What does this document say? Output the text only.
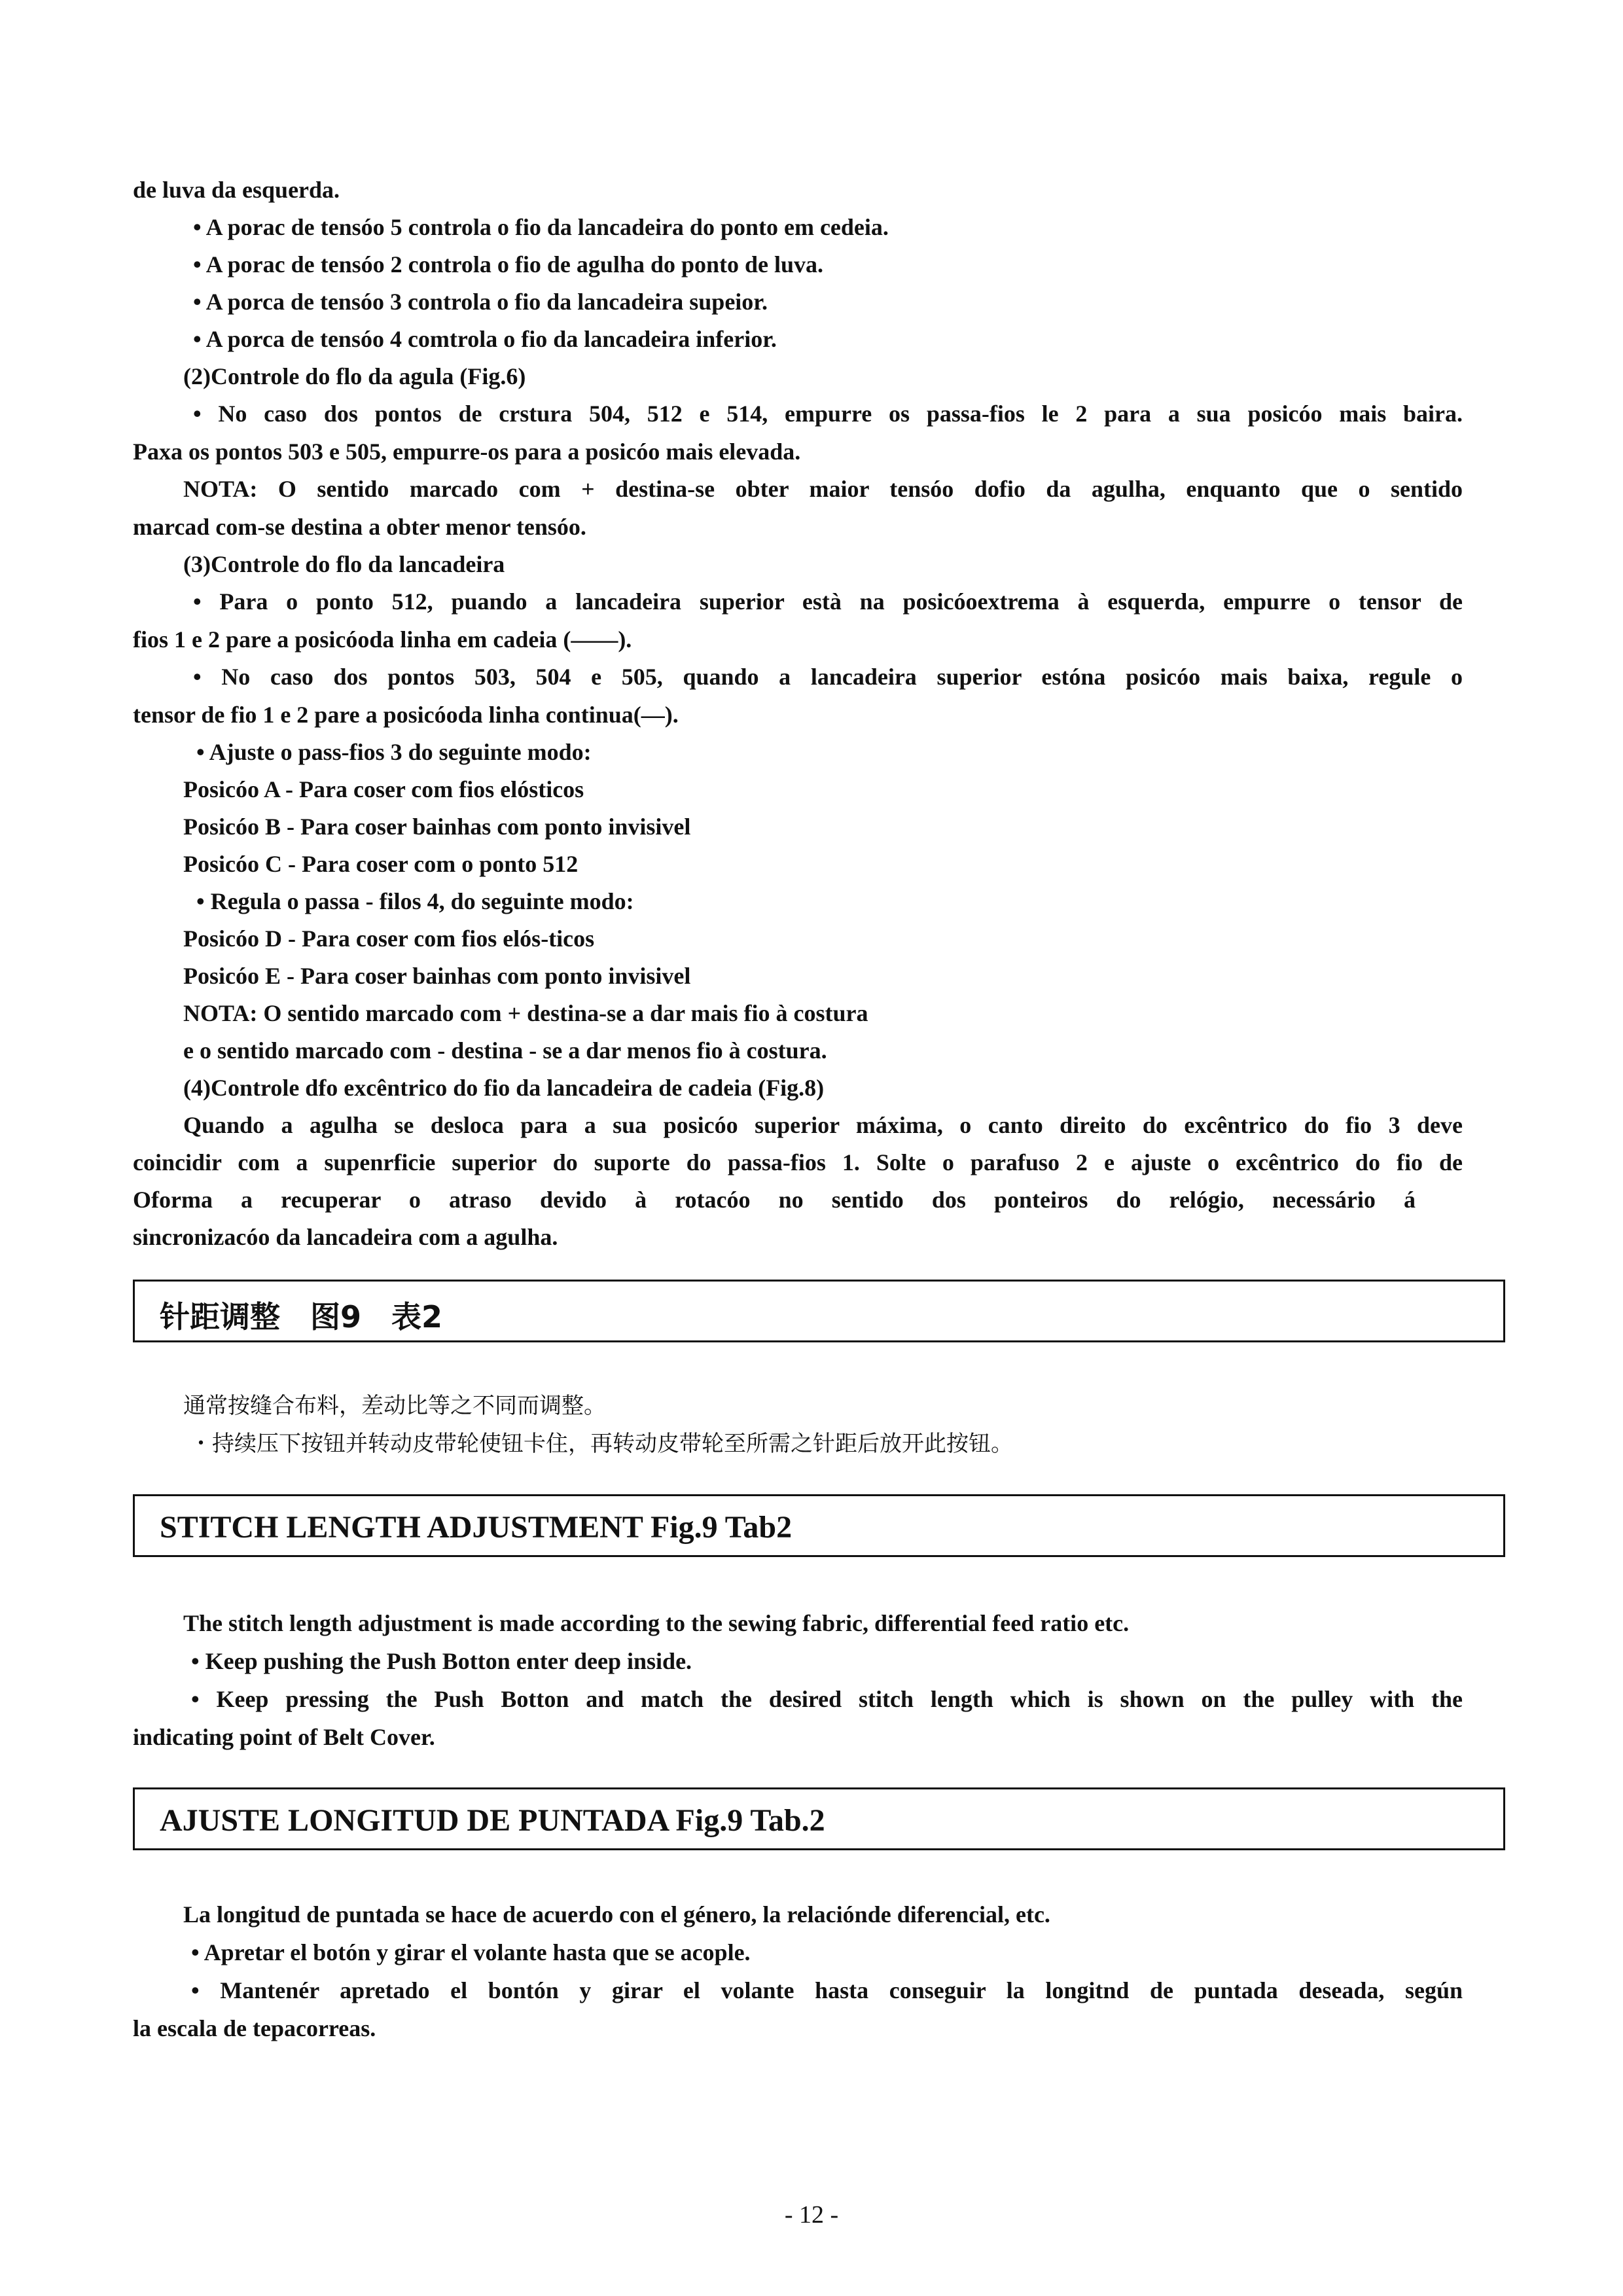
de luva da esquerda.
• A porac de tensóo 5 controla o fio da lancadeira do ponto em cedeia.
• A porac de tensóo 2 controla o fio de agulha do ponto de luva.
• A porca de tensóo 3 controla o fio da lancadeira supeior.
• A porca de tensóo 4 comtrola o fio da lancadeira inferior.
(2)Controle do flo da agula (Fig.6)
• No caso dos pontos de crstura 504, 512 e 514, empurre os passa-fios le 2 para a sua posicóo mais baira.
Paxa os pontos 503 e 505, empurre-os para a posicóo mais elevada.
NOTA: O sentido marcado com + destina-se obter maior tensóo dofio da agulha, enquanto que o sentido
marcad com-se destina a obter menor tensóo.
(3)Controle do flo da lancadeira
• Para o ponto 512, puando a lancadeira superior està na posicóoextrema à esquerda, empurre o tensor de
fios 1 e 2 pare a posicóoda linha em cadeia (——).
• No caso dos pontos 503, 504 e 505, quando a lancadeira superior estóna posicóo mais baixa, regule o
tensor de fio 1 e 2 pare a posicóoda linha continua(—).
• Ajuste o pass-fios 3 do seguinte modo:
Posicóo A - Para coser com fios elósticos
Posicóo B - Para coser bainhas com ponto invisivel
Posicóo C - Para coser com o ponto 512
• Regula o passa - filos 4, do seguinte modo:
Posicóo D - Para coser com fios elós-ticos
Posicóo E - Para coser bainhas com ponto invisivel
NOTA: O sentido marcado com + destina-se a dar mais fio à costura
e o sentido marcado com - destina - se a dar menos fio à costura.
(4)Controle dfo excêntrico do fio da lancadeira de cadeia (Fig.8)
Quando a agulha se desloca para a sua posicóo superior máxima, o canto direito do excêntrico do fio 3 deve
coincidir com a supenrficie superior do suporte do passa-fios 1. Solte o parafuso 2 e ajuste o excêntrico do fio de
Oforma a recuperar o atraso devido à rotacóo no sentido dos ponteiros do relógio, necessário á
sincronizacóo da lancadeira com a agulha.
针距调整　图9　表2
通常按缝合布料，差动比等之不同而调整。
・持续压下按钮并转动皮带轮使钮卡住，再转动皮带轮至所需之针距后放开此按钮。
STITCH LENGTH ADJUSTMENT Fig.9 Tab2
The stitch length adjustment is made according to the sewing fabric, differential feed ratio etc.
• Keep pushing the Push Botton enter deep inside.
• Keep pressing the Push Botton and match the desired stitch length which is shown on the pulley with the
indicating point of Belt Cover.
AJUSTE LONGITUD DE PUNTADA Fig.9 Tab.2
La longitud de puntada se hace de acuerdo con el género, la relaciónde diferencial, etc.
• Apretar el botón y girar el volante hasta que se acople.
• Mantenér apretado el bontón y girar el volante hasta conseguir la longitnd de puntada deseada, según
la escala de tepacorreas.
- 12 -
